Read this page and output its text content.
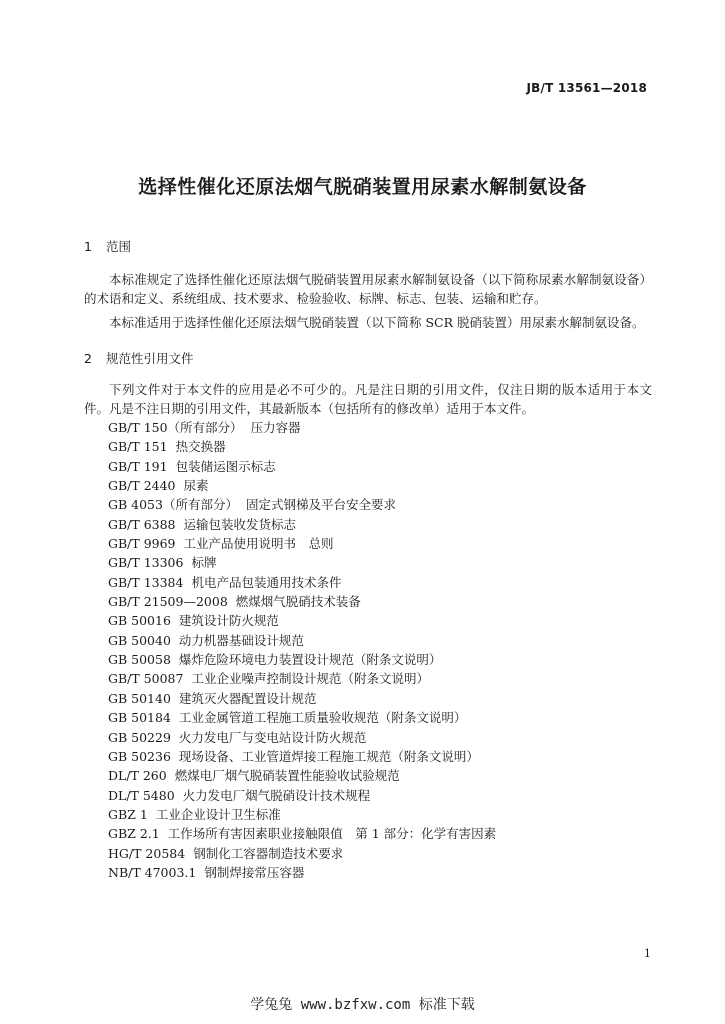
JB/T 13561—2018
选择性催化还原法烟气脱硝装置用尿素水解制氨设备
1 范围
本标准规定了选择性催化还原法烟气脱硝装置用尿素水解制氨设备（以下简称尿素水解制氨设备）的术语和定义、系统组成、技术要求、检验验收、标牌、标志、包装、运输和贮存。
本标准适用于选择性催化还原法烟气脱硝装置（以下简称 SCR 脱硝装置）用尿素水解制氨设备。
2 规范性引用文件
下列文件对于本文件的应用是必不可少的。凡是注日期的引用文件，仅注日期的版本适用于本文件。凡是不注日期的引用文件，其最新版本（包括所有的修改单）适用于本文件。
GB/T 150（所有部分） 压力容器
GB/T 151 热交换器
GB/T 191 包装储运图示标志
GB/T 2440 尿素
GB 4053（所有部分） 固定式钢梯及平台安全要求
GB/T 6388 运输包装收发货标志
GB/T 9969 工业产品使用说明书　总则
GB/T 13306 标牌
GB/T 13384 机电产品包装通用技术条件
GB/T 21509—2008 燃煤烟气脱硝技术装备
GB 50016 建筑设计防火规范
GB 50040 动力机器基础设计规范
GB 50058 爆炸危险环境电力装置设计规范（附条文说明）
GB/T 50087 工业企业噪声控制设计规范（附条文说明）
GB 50140 建筑灭火器配置设计规范
GB 50184 工业金属管道工程施工质量验收规范（附条文说明）
GB 50229 火力发电厂与变电站设计防火规范
GB 50236 现场设备、工业管道焊接工程施工规范（附条文说明）
DL/T 260 燃煤电厂烟气脱硝装置性能验收试验规范
DL/T 5480 火力发电厂烟气脱硝设计技术规程
GBZ 1 工业企业设计卫生标准
GBZ 2.1 工作场所有害因素职业接触限值　第 1 部分：化学有害因素
HG/T 20584 钢制化工容器制造技术要求
NB/T 47003.1 钢制焊接常压容器
1
学兔兔 www.bzfxw.com 标准下载
